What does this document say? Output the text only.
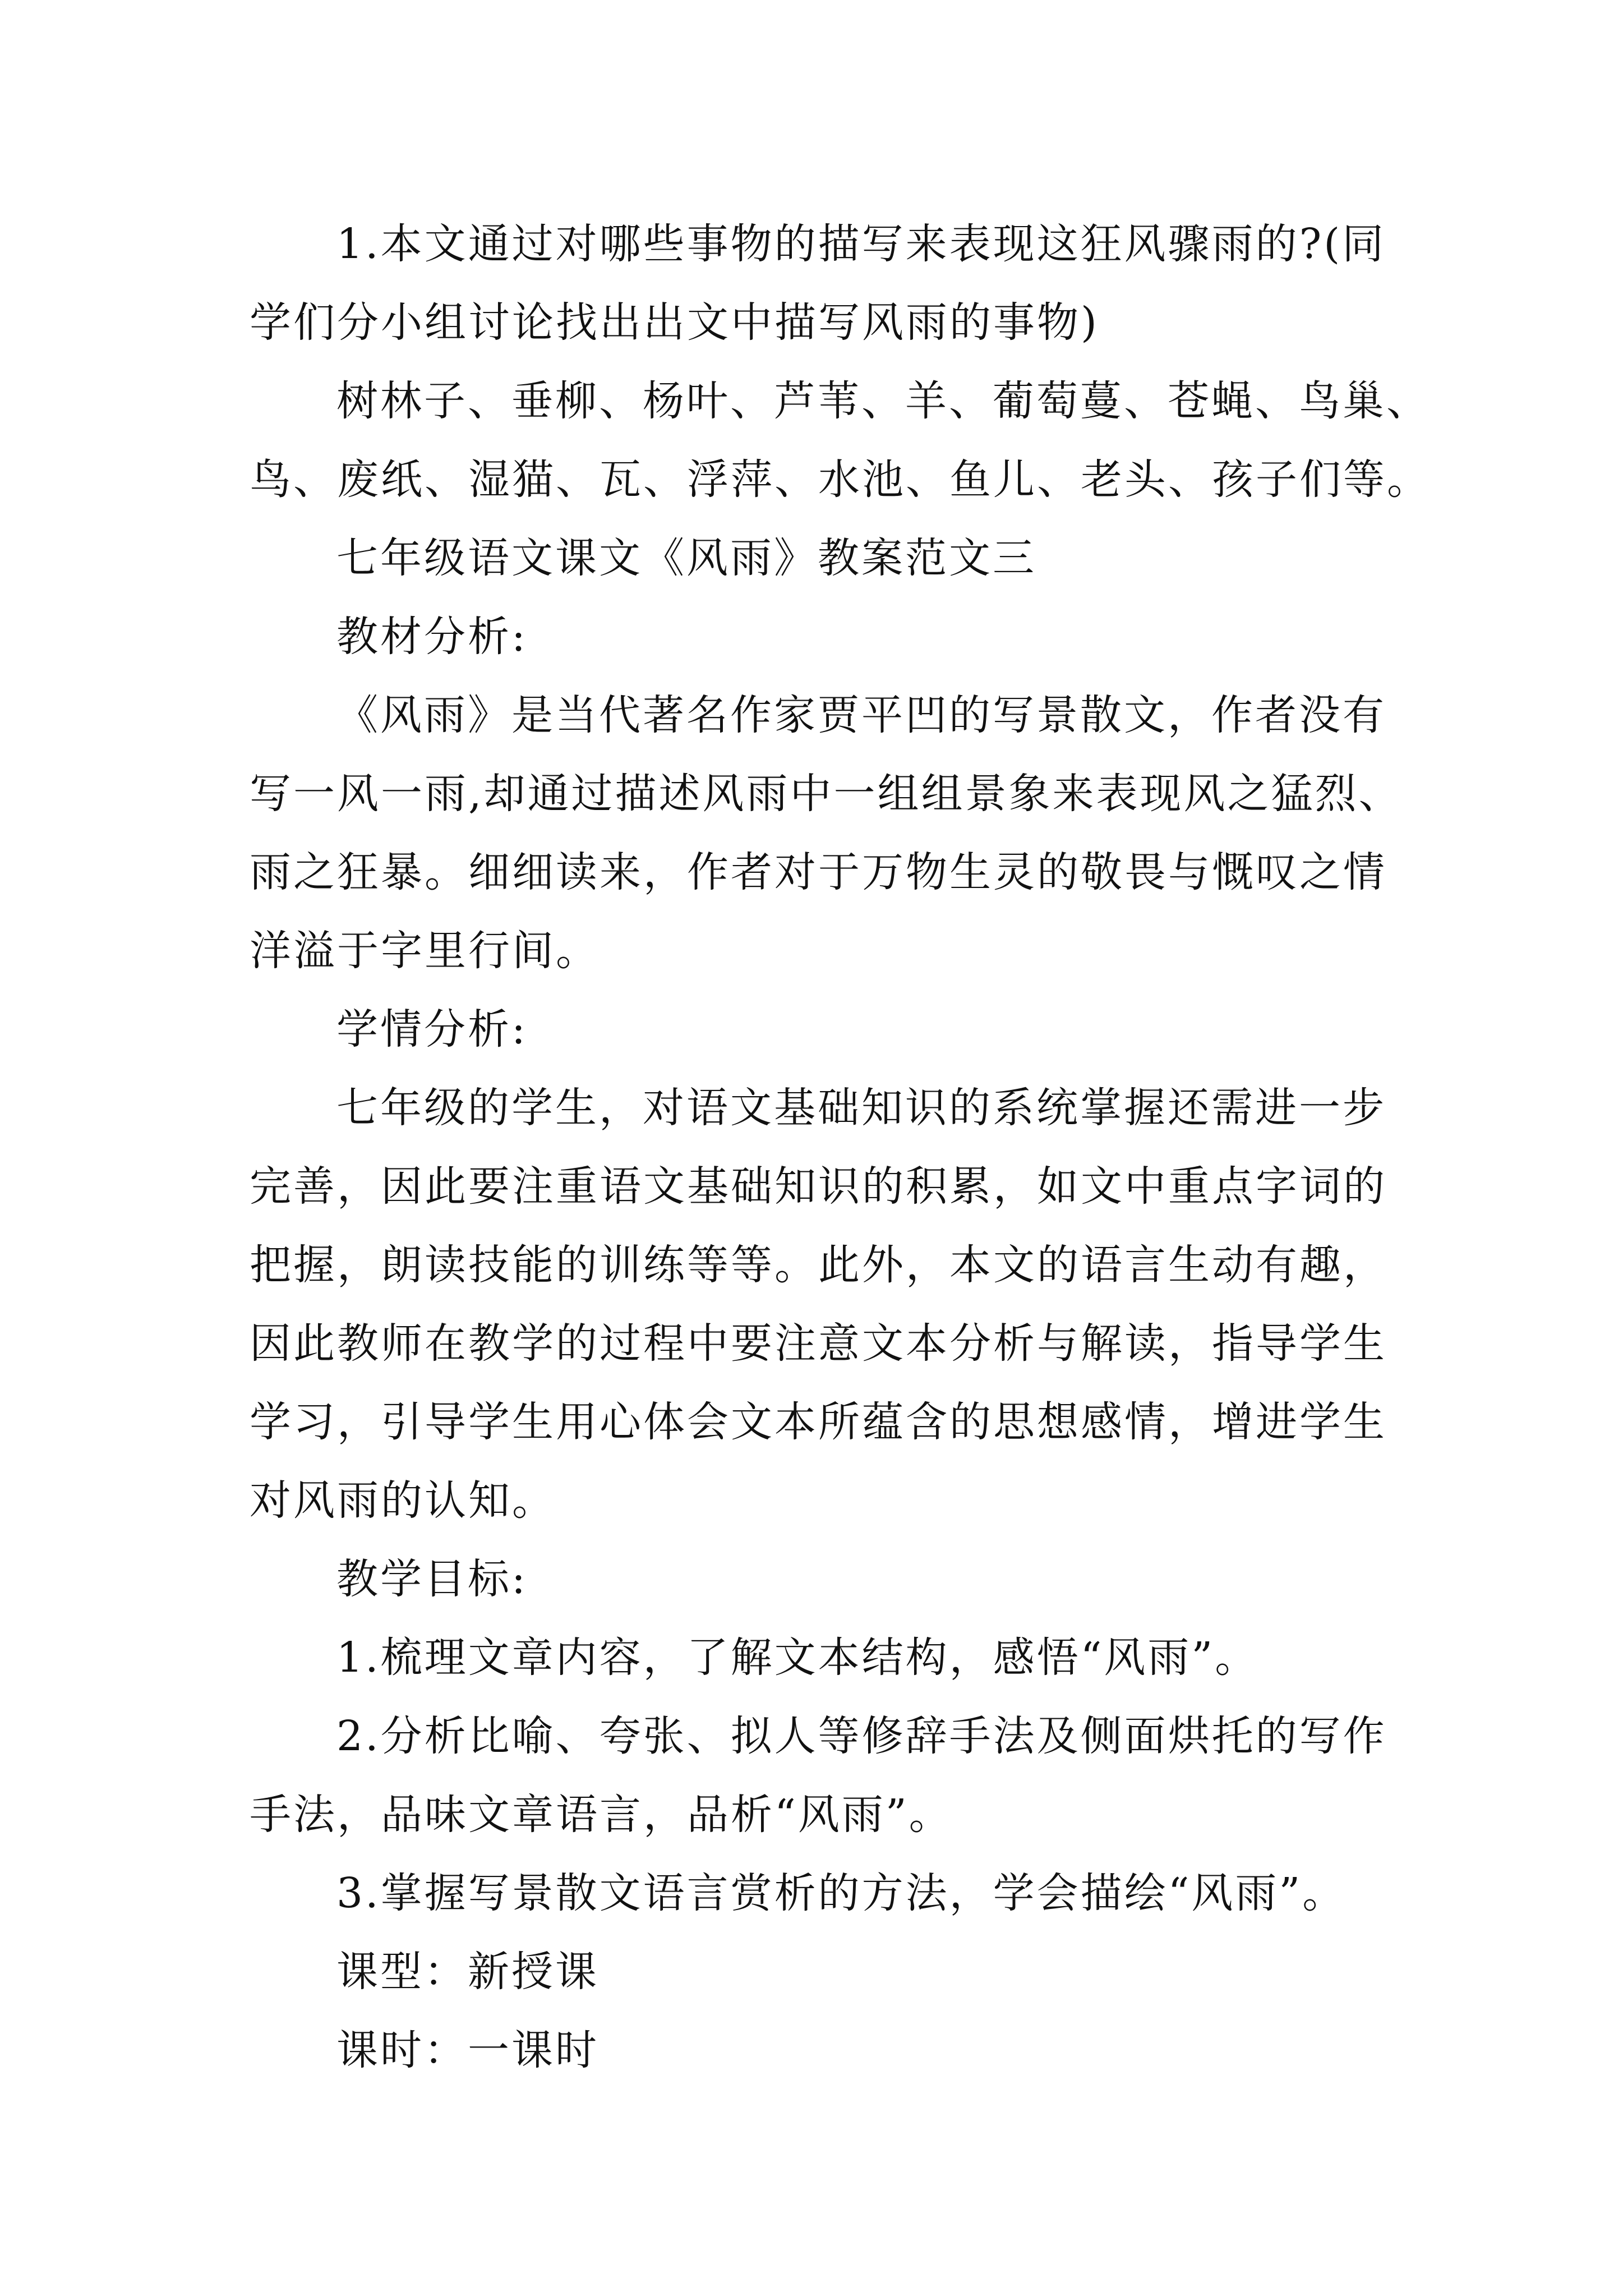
1.本文通过对哪些事物的描写来表现这狂风骤雨的?(同
学们分小组讨论找出出文中描写风雨的事物)
树林子、垂柳、杨叶、芦苇、羊、葡萄蔓、苍蝇、鸟巢、
鸟、废纸、湿猫、瓦、浮萍、水池、鱼儿、老头、孩子们等。
七年级语文课文《风雨》教案范文三
教材分析:
《风雨》是当代著名作家贾平凹的写景散文，作者没有
写一风一雨,却通过描述风雨中一组组景象来表现风之猛烈、
雨之狂暴。细细读来，作者对于万物生灵的敬畏与慨叹之情
洋溢于字里行间。
学情分析:
七年级的学生，对语文基础知识的系统掌握还需进一步
完善，因此要注重语文基础知识的积累，如文中重点字词的
把握，朗读技能的训练等等。此外，本文的语言生动有趣，
因此教师在教学的过程中要注意文本分析与解读，指导学生
学习，引导学生用心体会文本所蕴含的思想感情，增进学生
对风雨的认知。
教学目标:
1.梳理文章内容，了解文本结构，感悟“风雨”。
2.分析比喻、夸张、拟人等修辞手法及侧面烘托的写作
手法，品味文章语言，品析“风雨”。
3.掌握写景散文语言赏析的方法，学会描绘“风雨”。
课型：新授课
课时：一课时
